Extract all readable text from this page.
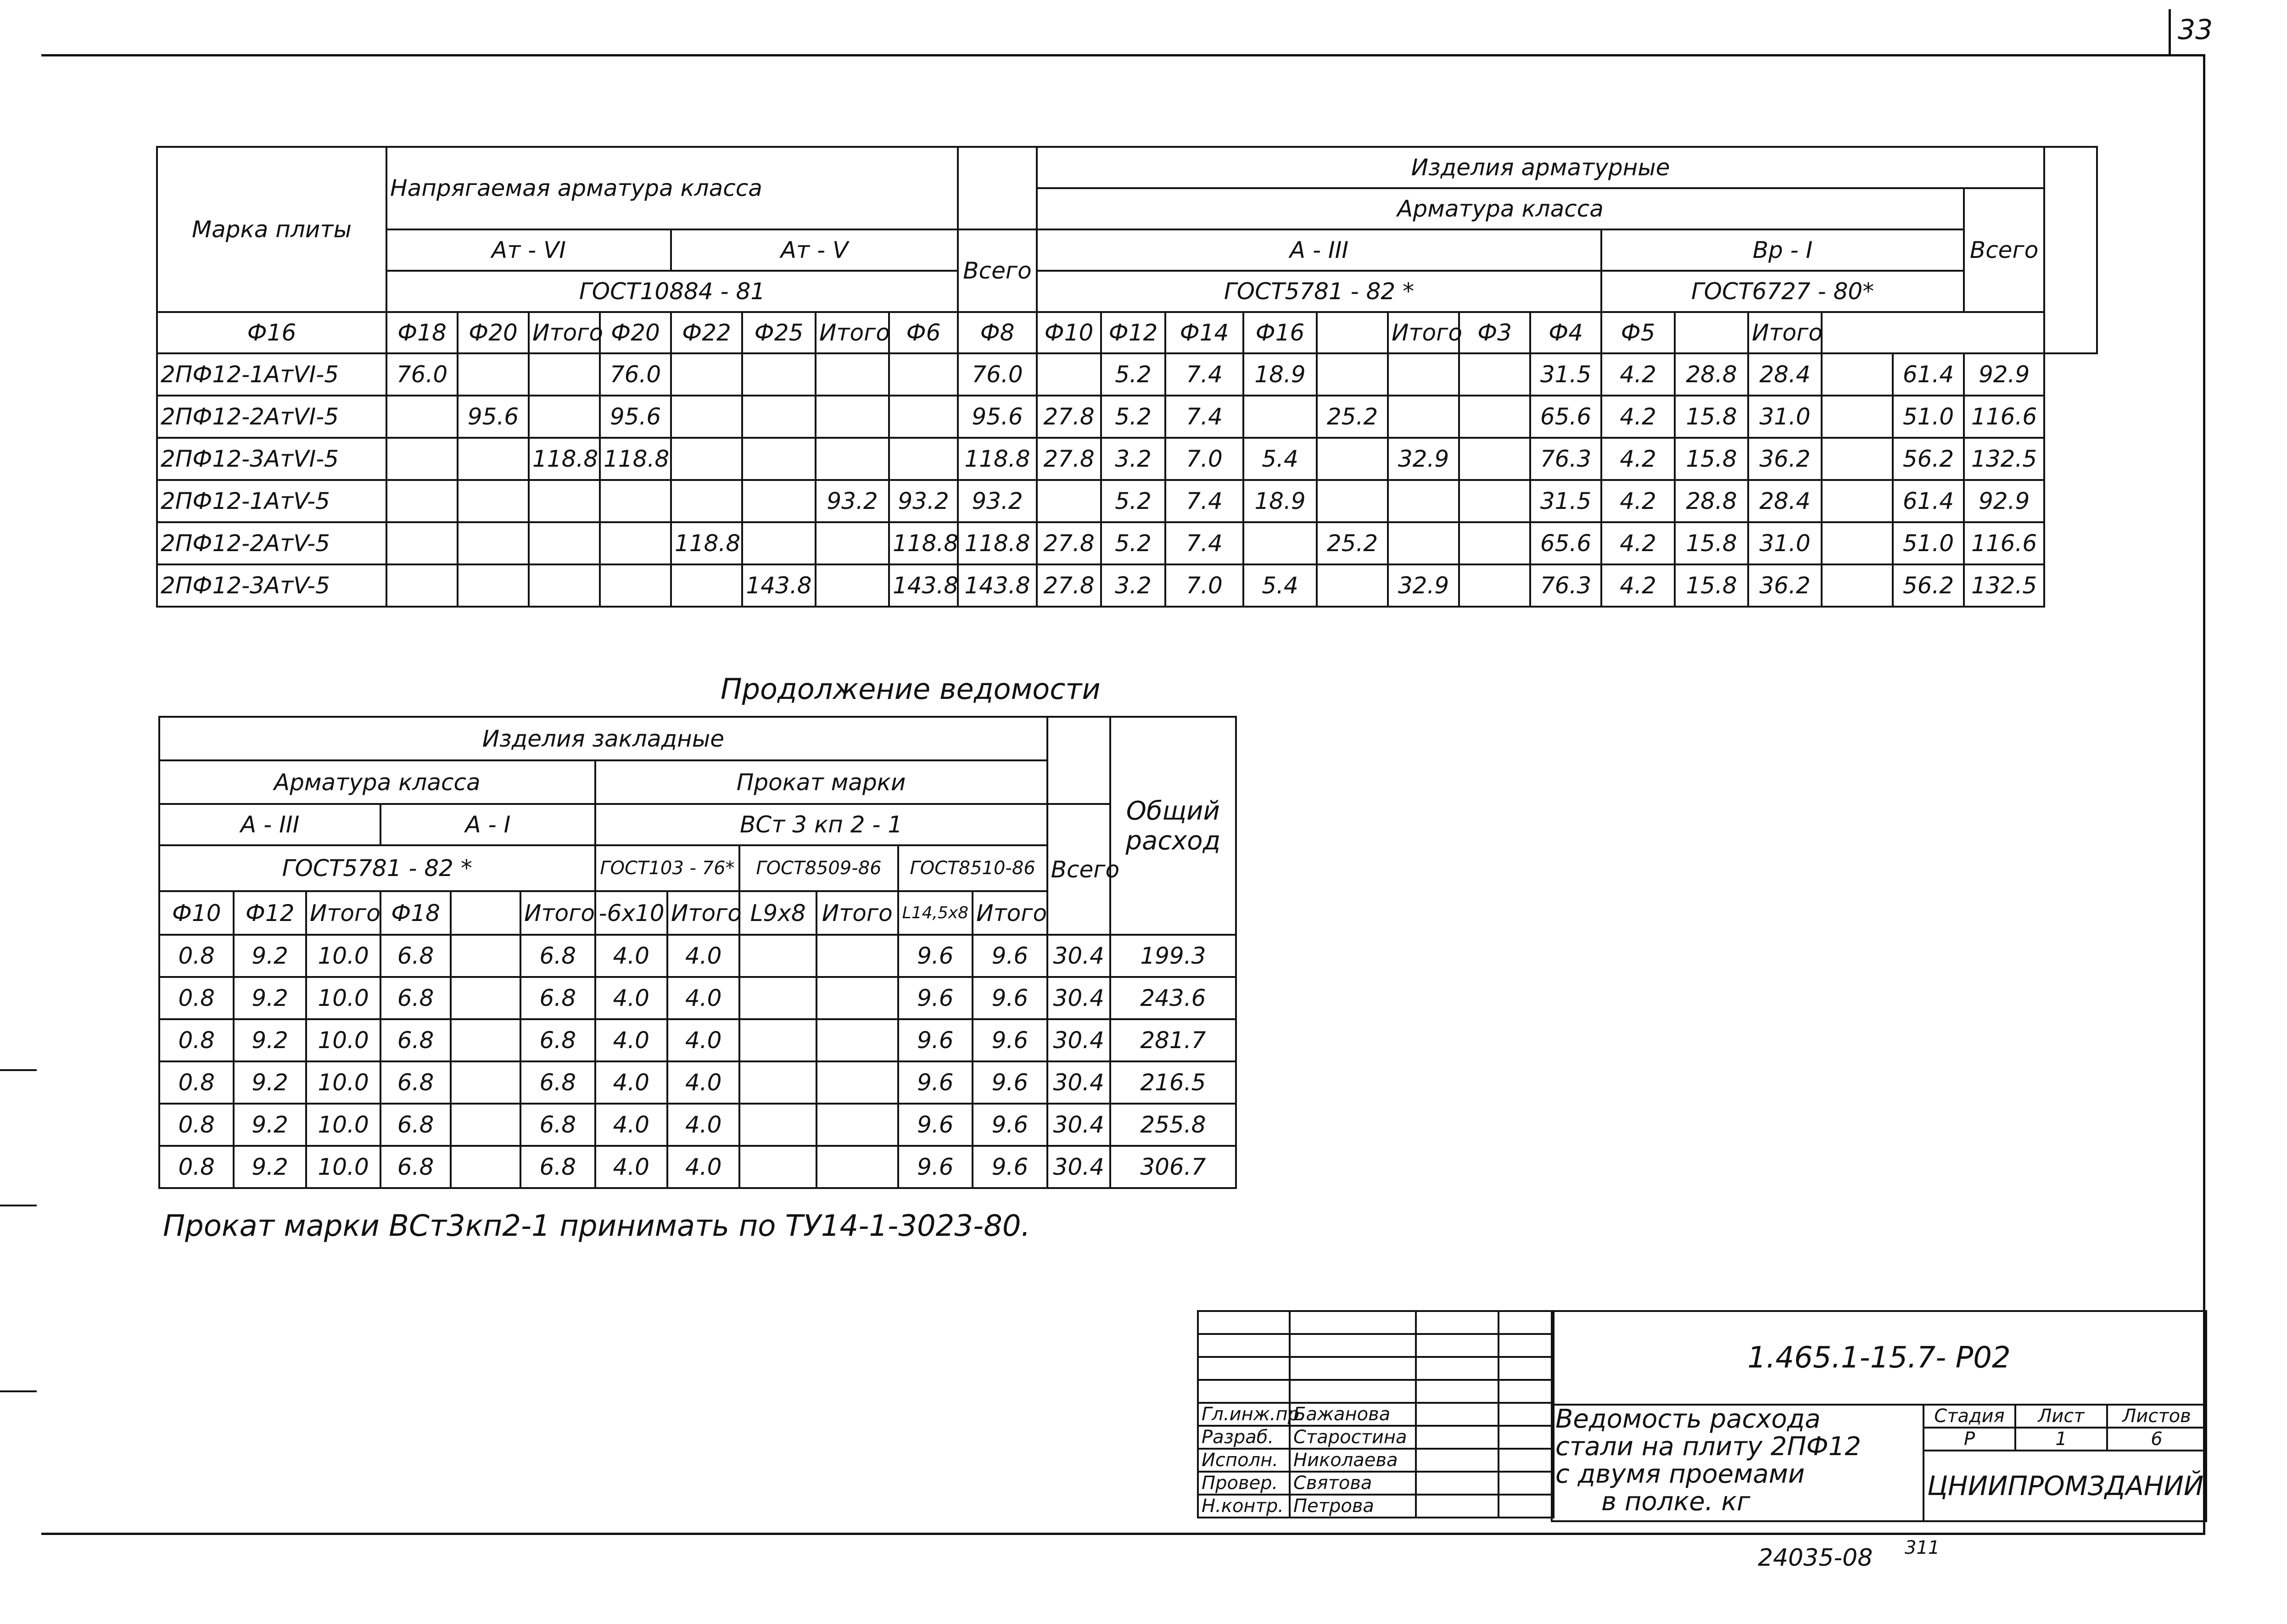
33
Марка плиты	Напрягаемая арматура класса									Изделия арматурные														
										Арматура класса													Всего	
	Ат - VI				Ат - V				Всего	А - III								Вр - I						
	ГОСТ10884 - 81									ГОСТ5781 - 82 *								ГОСТ6727 - 80*						
Ф16	Ф18	Ф20	Итого	Ф20	Ф22	Ф25	Итого	Ф6	Ф8	Ф10	Ф12	Ф14	Ф16		Итого	Ф3	Ф4	Ф5		Итого				
2ПФ12-1АтVI-5	76.0			76.0					76.0		5.2	7.4	18.9				31.5	4.2	28.8	28.4		61.4	92.9	
2ПФ12-2АтVI-5		95.6		95.6					95.6	27.8	5.2	7.4		25.2			65.6	4.2	15.8	31.0		51.0	116.6	
2ПФ12-3АтVI-5			118.8	118.8					118.8	27.8	3.2	7.0	5.4		32.9		76.3	4.2	15.8	36.2		56.2	132.5	
2ПФ12-1АтV-5							93.2	93.2	93.2		5.2	7.4	18.9				31.5	4.2	28.8	28.4		61.4	92.9	
2ПФ12-2АтV-5					118.8			118.8	118.8	27.8	5.2	7.4		25.2			65.6	4.2	15.8	31.0		51.0	116.6	
2ПФ12-3АтV-5						143.8		143.8	143.8	27.8	3.2	7.0	5.4		32.9		76.3	4.2	15.8	36.2		56.2	132.5	
Продолжение ведомости
Изделия закладные													Общий расход
Арматура класса						Прокат марки							
А - III			А - I			ВСт 3 кп 2 - 1						Всего	
ГОСТ5781 - 82 *						ГОСТ103 - 76*		ГОСТ8509-86		ГОСТ8510-86			
Ф10	Ф12	Итого	Ф18		Итого	-6х10	Итого	L9х8	Итого	L14,5х8	Итого		
0.8	9.2	10.0	6.8		6.8	4.0	4.0			9.6	9.6	30.4	199.3
0.8	9.2	10.0	6.8		6.8	4.0	4.0			9.6	9.6	30.4	243.6
0.8	9.2	10.0	6.8		6.8	4.0	4.0			9.6	9.6	30.4	281.7
0.8	9.2	10.0	6.8		6.8	4.0	4.0			9.6	9.6	30.4	216.5
0.8	9.2	10.0	6.8		6.8	4.0	4.0			9.6	9.6	30.4	255.8
0.8	9.2	10.0	6.8		6.8	4.0	4.0			9.6	9.6	30.4	306.7
Прокат марки ВСт3кп2-1 принимать по ТУ14-1-3023-80.

Гл.инж.пр.	Бажанова		
Разраб.	Старостина		
Исполн.	Николаева		
Провер.	Святова		
Н.контр.	Петрова		
1.465.1-15.7- Р02			

Ведомость расхода
стали на плиту 2ПФ12
с двумя проемами
в полке. кг	Стадия	Лист	Листов
	Р	1	6
	ЦНИИПРОМЗДАНИЙ		

24035-08 311
